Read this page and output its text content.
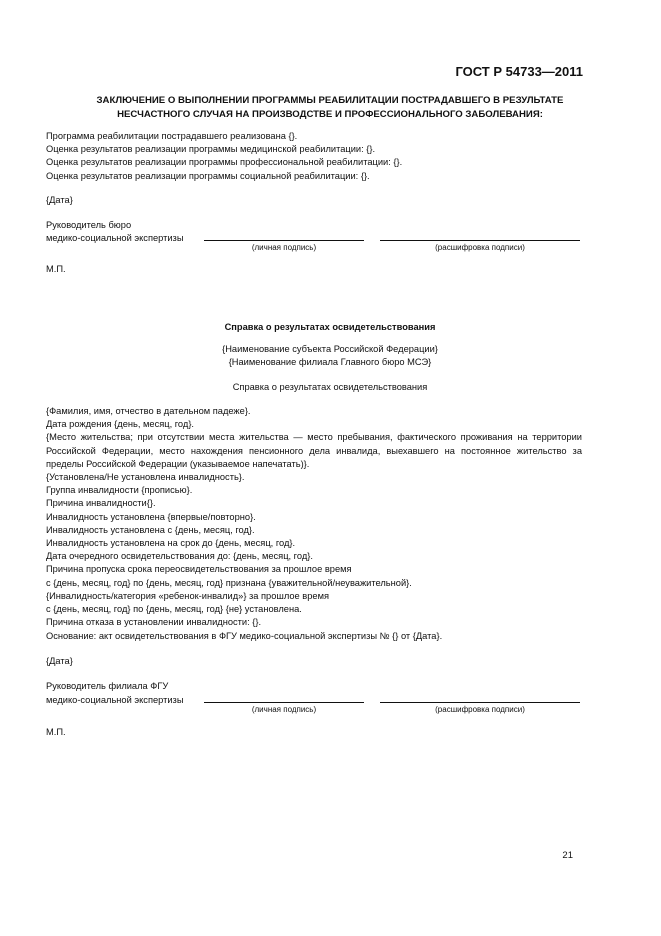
ГОСТ Р 54733—2011
ЗАКЛЮЧЕНИЕ О ВЫПОЛНЕНИИ ПРОГРАММЫ РЕАБИЛИТАЦИИ ПОСТРАДАВШЕГО В РЕЗУЛЬТАТЕ
НЕСЧАСТНОГО СЛУЧАЯ НА ПРОИЗВОДСТВЕ И ПРОФЕССИОНАЛЬНОГО ЗАБОЛЕВАНИЯ:
Программа реабилитации пострадавшего реализована {}.
Оценка результатов реализации программы медицинской реабилитации: {}.
Оценка результатов реализации программы профессиональной реабилитации: {}.
Оценка результатов реализации программы социальной реабилитации: {}.
{Дата}
Руководитель бюро
медико-социальной экспертизы
(личная подпись)	(расшифровка подписи)
М.П.
Справка о результатах освидетельствования
{Наименование субъекта Российской Федерации}
{Наименование филиала Главного бюро МСЭ}
Справка о результатах освидетельствования
{Фамилия, имя, отчество в дательном падеже}.
Дата рождения {день, месяц, год}.
{Место жительства; при отсутствии места жительства — место пребывания, фактического проживания на территории Российской Федерации, место нахождения пенсионного дела инвалида, выехавшего на постоянное жительство за пределы Российской Федерации (указываемое напечатать)}.
{Установлена/Не установлена инвалидность}.
Группа инвалидности {прописью}.
Причина инвалидности{}.
Инвалидность установлена {впервые/повторно}.
Инвалидность установлена с {день, месяц, год}.
Инвалидность установлена на срок до {день, месяц, год}.
Дата очередного освидетельствования до: {день, месяц, год}.
Причина пропуска срока переосвидетельствования за прошлое время
с {день, месяц, год} по {день, месяц, год} признана {уважительной/неуважительной}.
{Инвалидность/категория «ребенок-инвалид»} за прошлое время
с {день, месяц, год} по {день, месяц, год} {не} установлена.
Причина отказа в установлении инвалидности: {}.
Основание: акт освидетельствования в ФГУ медико-социальной экспертизы № {} от {Дата}.
{Дата}
Руководитель филиала ФГУ
медико-социальной экспертизы
(личная подпись)	(расшифровка подписи)
М.П.
21
